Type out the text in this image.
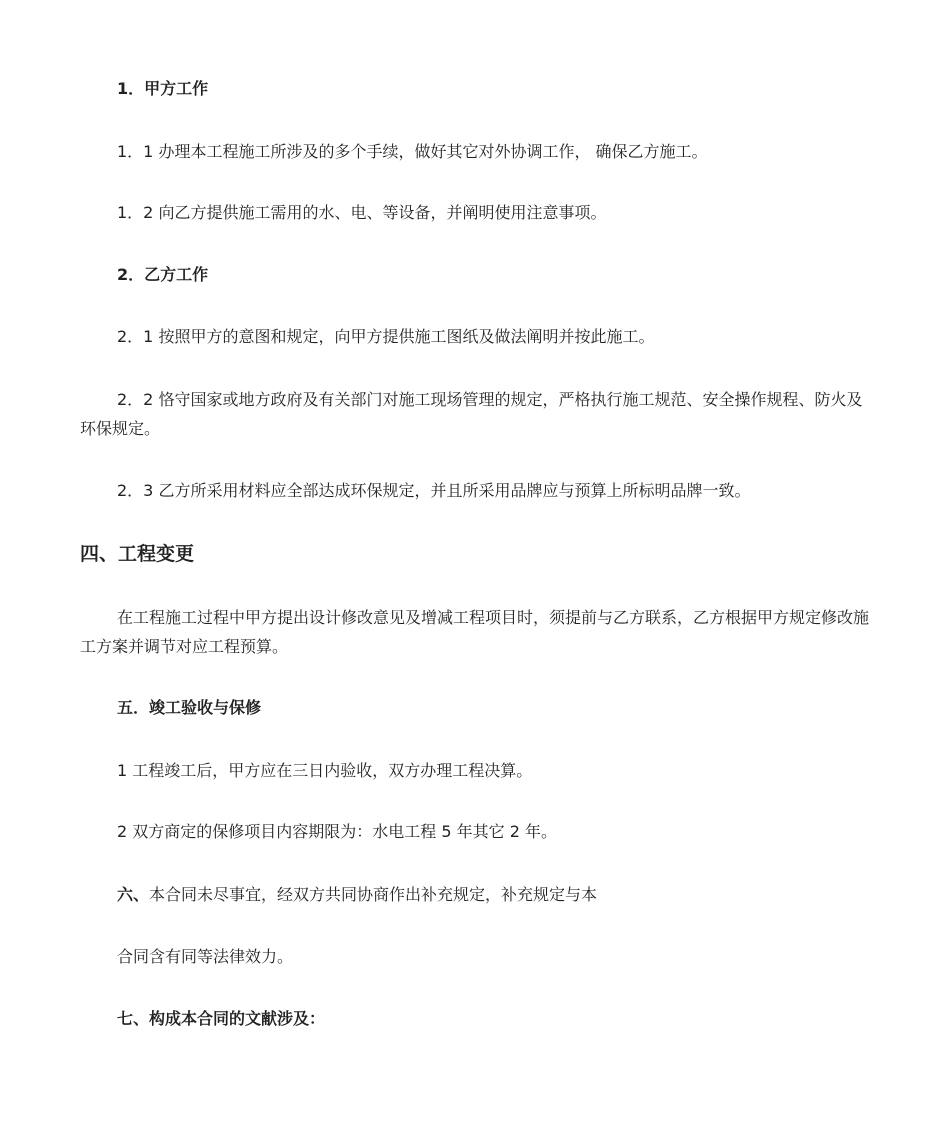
1．甲方工作
1．1 办理本工程施工所涉及的多个手续，做好其它对外协调工作， 确保乙方施工。
1．2 向乙方提供施工需用的水、电、等设备，并阐明使用注意事项。
2．乙方工作
2．1 按照甲方的意图和规定，向甲方提供施工图纸及做法阐明并按此施工。
2．2 恪守国家或地方政府及有关部门对施工现场管理的规定，严格执行施工规范、安全操作规程、防火及环保规定。
2．3 乙方所采用材料应全部达成环保规定，并且所采用品牌应与预算上所标明品牌一致。
四、工程变更
在工程施工过程中甲方提出设计修改意见及增减工程项目时，须提前与乙方联系，乙方根据甲方规定修改施工方案并调节对应工程预算。
五．竣工验收与保修
1 工程竣工后，甲方应在三日内验收，双方办理工程决算。
2 双方商定的保修项目内容期限为：水电工程 5 年其它 2 年。
六、本合同未尽事宜，经双方共同协商作出补充规定，补充规定与本
合同含有同等法律效力。
七、构成本合同的文献涉及：
